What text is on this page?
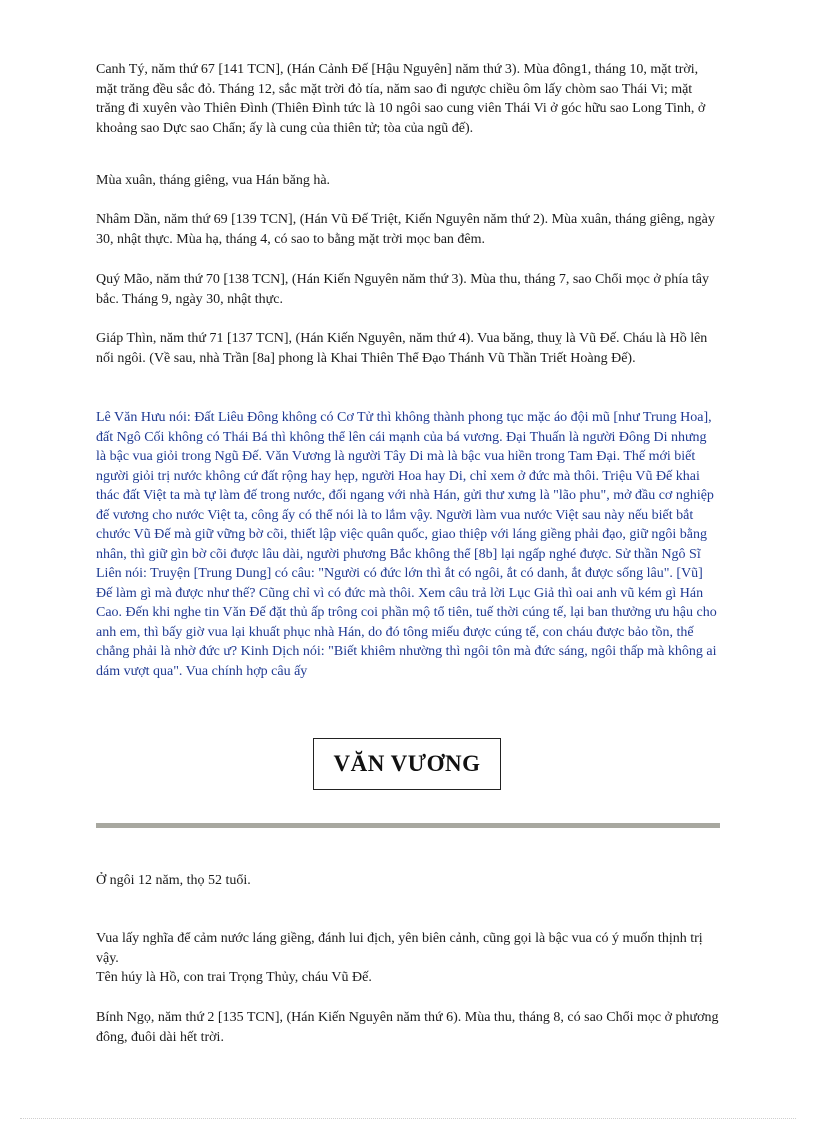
Canh Tý, năm thứ 67 [141 TCN], (Hán Cảnh Đế [Hậu Nguyên] năm thứ 3). Mùa đông1, tháng 10, mặt trời, mặt trăng đều sắc đỏ. Tháng 12, sắc mặt trời đỏ tía, năm sao đi ngược chiều ôm lấy chòm sao Thái Vi; mặt trăng đi xuyên vào Thiên Đình (Thiên Đình tức là 10 ngôi sao cung viên Thái Vi ở góc hữu sao Long Tinh, ở khoảng sao Dực sao Chẩn; ấy là cung của thiên tử; tòa của ngũ đế).

Mùa xuân, tháng giêng, vua Hán băng hà.

Nhâm Dần, năm thứ 69 [139 TCN], (Hán Vũ Đế Triệt, Kiến Nguyên năm thứ 2). Mùa xuân, tháng giêng, ngày 30, nhật thực. Mùa hạ, tháng 4, có sao to bằng mặt trời mọc ban đêm.

Quý Mão, năm thứ 70 [138 TCN], (Hán Kiến Nguyên năm thứ 3). Mùa thu, tháng 7, sao Chổi mọc ở phía tây bắc. Tháng 9, ngày 30, nhật thực.

Giáp Thìn, năm thứ 71 [137 TCN], (Hán Kiến Nguyên, năm thứ 4). Vua băng, thuỵ là Vũ Đế. Cháu là Hồ lên nối ngôi. (Về sau, nhà Trần [8a] phong là Khai Thiên Thể Đạo Thánh Vũ Thần Triết Hoàng Đế).

Lê Văn Hưu nói: Đất Liêu Đông không có Cơ Tử thì không thành phong tục mặc áo đội mũ [như Trung Hoa], đất Ngô Cối không có Thái Bá thì không thể lên cái mạnh của bá vương. Đại Thuấn là người Đông Di nhưng là bậc vua giỏi trong Ngũ Đế. Văn Vương là người Tây Di mà là bậc vua hiền trong Tam Đại. Thế mới biết người giỏi trị nước không cứ đất rộng hay hẹp, người Hoa hay Di, chỉ xem ở đức mà thôi. Triệu Vũ Đế khai thác đất Việt ta mà tự làm đế trong nước, đối ngang với nhà Hán, gửi thư xưng là "lão phu", mở đầu cơ nghiệp đế vương cho nước Việt ta, công ấy có thể nói là to lắm vậy. Người làm vua nước Việt sau này nếu biết bắt chước Vũ Đế mà giữ vững bờ cõi, thiết lập việc quân quốc, giao thiệp với láng giềng phải đạo, giữ ngôi bằng nhân, thì giữ gìn bờ cõi được lâu dài, người phương Bắc không thể [8b] lại ngấp nghé được. Sử thần Ngô Sĩ Liên nói: Truyện [Trung Dung] có câu: "Người có đức lớn thì ắt có ngôi, ắt có danh, ắt được sống lâu". [Vũ] Đế làm gì mà được như thế? Cũng chỉ vì có đức mà thôi. Xem câu trả lời Lục Giả thì oai anh vũ kém gì Hán Cao. Đến khi nghe tin Văn Đế đặt thủ ấp trông coi phần mộ tổ tiên, tuế thời cúng tế, lại ban thưởng ưu hậu cho anh em, thì bấy giờ vua lại khuất phục nhà Hán, do đó tông miếu được cúng tế, con cháu được bảo tồn, thế chẳng phải là nhờ đức ư? Kinh Dịch nói: "Biết khiêm nhường thì ngôi tôn mà đức sáng, ngôi thấp mà không ai dám vượt qua". Vua chính hợp câu ấy

VĂN VƯƠNG

Ở ngôi 12 năm, thọ 52 tuổi.

Vua lấy nghĩa để cảm nước láng giềng, đánh lui địch, yên biên cảnh, cũng gọi là bậc vua có ý muốn thịnh trị vậy.

Tên húy là Hồ, con trai Trọng Thủy, cháu Vũ Đế.

Bính Ngọ, năm thứ 2 [135 TCN], (Hán Kiến Nguyên năm thứ 6). Mùa thu, tháng 8, có sao Chổi mọc ở phương đông, đuôi dài hết trời.
